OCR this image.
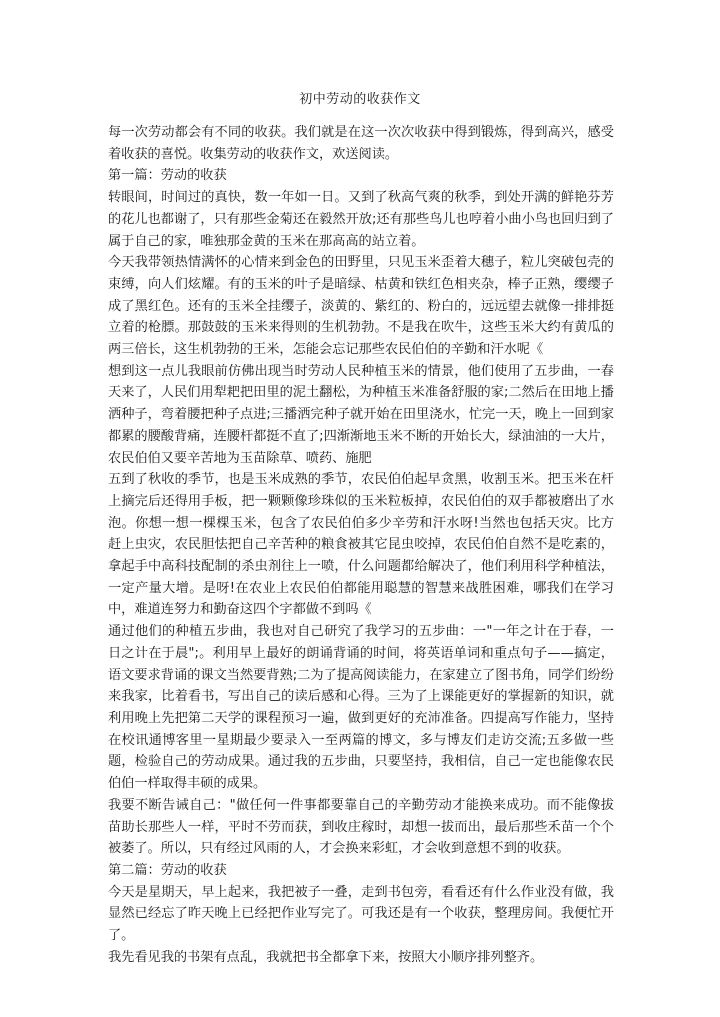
初中劳动的收获作文

每一次劳动都会有不同的收获。我们就是在这一次次收获中得到锻炼，得到高兴，感受着收获的喜悦。收集劳动的收获作文，欢送阅读。

第一篇：劳动的收获

转眼间，时间过的真快，数一年如一日。又到了秋高气爽的秋季，到处开满的鲜艳芬芳的花儿也都谢了，只有那些金菊还在毅然开放;还有那些鸟儿也哼着小曲小鸟也回归到了属于自己的家，唯独那金黄的玉米在那高高的站立着。

今天我带领热情满怀的心情来到金色的田野里，只见玉米歪着大穗子，粒儿突破包壳的束缚，向人们炫耀。有的玉米的叶子是暗绿、枯黄和铁红色相夹杂，棒子正熟，缨缨子成了黑红色。还有的玉米全挂缨子，淡黄的、紫红的、粉白的，远远望去就像一排排挺立着的枪膘。那鼓鼓的玉米来得则的生机勃勃。不是我在吹牛，这些玉米大约有黄瓜的两三倍长，这生机勃勃的王米，怎能会忘记那些农民伯伯的辛勤和汗水呢《

想到这一点儿我眼前仿佛出现当时劳动人民种植玉米的情景，他们使用了五步曲，一春天来了，人民们用犁耙把田里的泥土翻松，为种植玉米准备舒服的家;二然后在田地上播洒种子，弯着腰把种子点进;三播洒完种子就开始在田里浇水，忙完一天，晚上一回到家都累的腰酸背痛，连腰杆都挺不直了;四渐渐地玉米不断的开始长大，绿油油的一大片，农民伯伯又要辛苦地为玉苗除草、喷药、施肥

五到了秋收的季节，也是玉米成熟的季节，农民伯伯起早贪黑，收割玉米。把玉米在杆上摘完后还得用手板，把一颗颗像珍珠似的玉米粒板掉，农民伯伯的双手都被磨出了水泡。你想一想一棵棵玉米，包含了农民伯伯多少辛劳和汗水呀!当然也包括天灾。比方赶上虫灾，农民胆怯把自己辛苦种的粮食被其它昆虫咬掉，农民伯伯自然不是吃素的，拿起手中高科技配制的杀虫剂往上一喷，什么问题都给解决了，他们利用科学种植法，一定产量大增。是呀!在农业上农民伯伯都能用聪慧的智慧来战胜困难，哪我们在学习中，难道连努力和勤奋这四个字都做不到吗《

通过他们的种植五步曲，我也对自己研究了我学习的五步曲：一"一年之计在于春，一日之计在于晨";。利用早上最好的朗诵背诵的时间，将英语单词和重点句子——搞定，语文要求背诵的课文当然要背熟;二为了提高阅读能力，在家建立了图书角，同学们纷纷来我家，比着看书，写出自己的读后感和心得。三为了上课能更好的掌握新的知识，就利用晚上先把第二天学的课程预习一遍，做到更好的充沛准备。四提高写作能力，坚持在校讯通博客里一星期最少要录入一至两篇的博文，多与博友们走访交流;五多做一些题，检验自己的劳动成果。通过我的五步曲，只要坚持，我相信，自己一定也能像农民伯伯一样取得丰硕的成果。

我要不断告诫自己："做任何一件事都要靠自己的辛勤劳动才能换来成功。而不能像拔苗助长那些人一样，平时不劳而获，到收庄稼时，却想一拔而出，最后那些禾苗一个个被萎了。所以，只有经过风雨的人，才会换来彩虹，才会收到意想不到的收获。

第二篇：劳动的收获

今天是星期天，早上起来，我把被子一叠，走到书包旁，看看还有什么作业没有做，我显然已经忘了昨天晚上已经把作业写完了。可我还是有一个收获，整理房间。我便忙开了。

我先看见我的书架有点乱，我就把书全都拿下来，按照大小顺序排列整齐。
